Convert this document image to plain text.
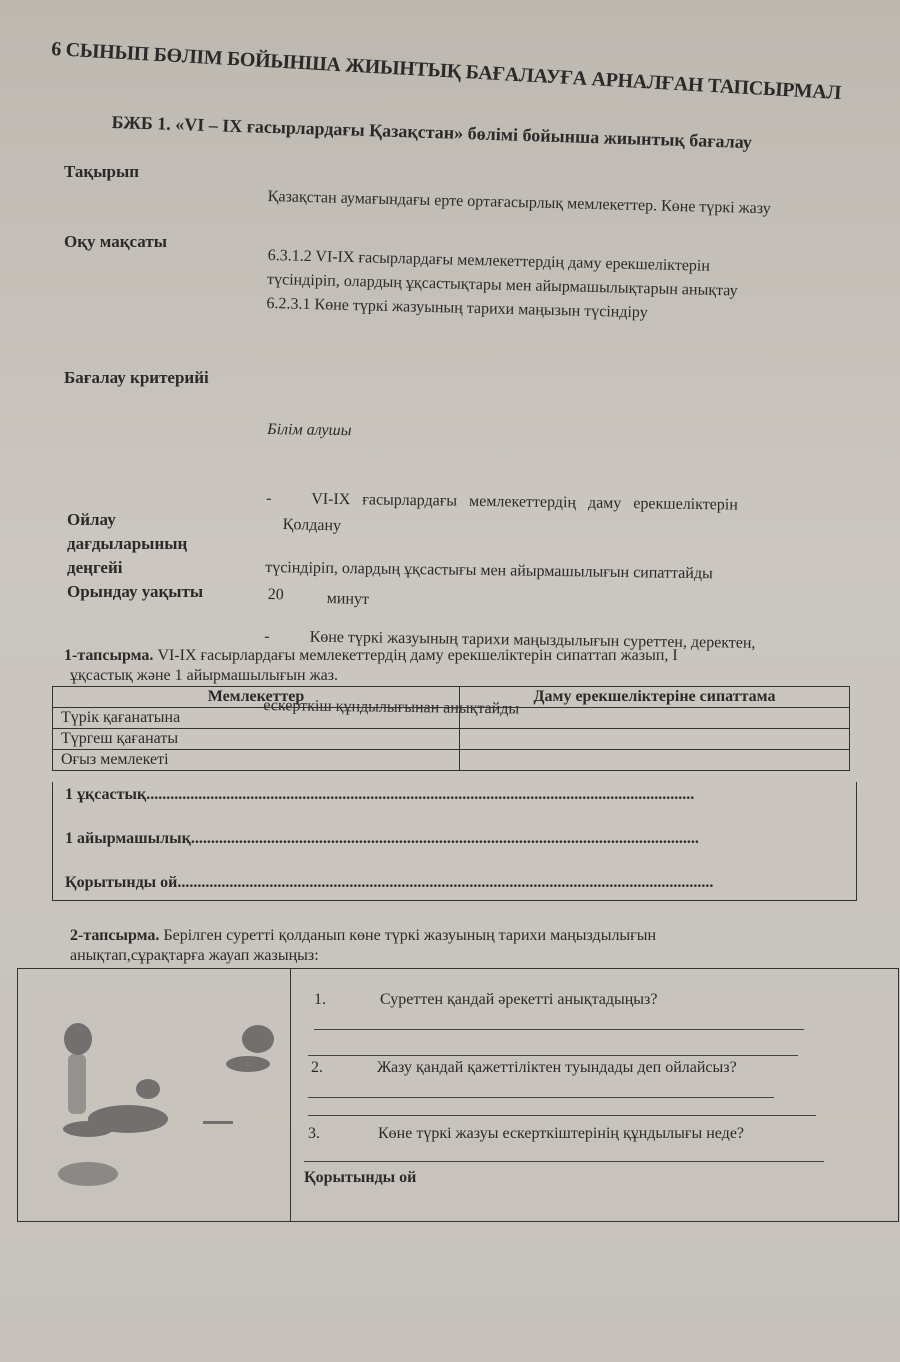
6 СЫНЫП БӨЛІМ БОЙЫНША ЖИЫНТЫҚ БАҒАЛАУҒА АРНАЛҒАН ТАПСЫРМАЛ
БЖБ 1. «VI – IX ғасырлардағы Қазақстан» бөлімі бойынша жиынтық бағалау
Тақырып
Қазақстан аумағындағы ерте ортағасырлық мемлекеттер. Көне түркі жазу
Оқу мақсаты
6.3.1.2 VI-IX ғасырлардағы мемлекеттердің даму ерекшеліктерін
түсіндіріп, олардың ұқсастықтары мен айырмашылықтарын анықтау
6.2.3.1 Көне түркі жазуының тарихи маңызын түсіндіру
Бағалау критерийі

Білім алушы

-          VI-IX   ғасырлардағы   мемлекеттердің   даму   ерекшеліктерін

түсіндіріп, олардың ұқсастығы мен айырмашылығын сипаттайды

-          Көне түркі жазуының тарихи маңыздылығын суреттен, деректен,

ескерткіш құндылығынан анықтайды

Ойлау
дағдыларының
деңгейі
Қолдану
Орындау уақыты	20	минут
1-тапсырма. VI-IX ғасырлардағы мемлекеттердің даму ерекшеліктерін сипаттап жазып, I
ұқсастық және 1 айырмашылығын жаз.
Мемлекеттер	Даму ерекшеліктеріне сипаттама
Түрік қағанатына	
Түргеш қағанаты	
Оғыз мемлекеті	
1 ұқсастық.........................................................................................................................................
1 айырмашылық...............................................................................................................................
Қорытынды ой......................................................................................................................................
2-тапсырма. Берілген суретті қолданып көне түркі жазуының тарихи маңыздылығын
анықтап,сұрақтарға жауап жазыңыз:
1.	Суреттен қандай әрекетті анықтадыңыз?
2.	Жазу қандай қажеттіліктен туындады деп ойлайсыз?
3.	Көне түркі жазуы ескерткіштерінің құндылығы неде?
Қорытынды ой
